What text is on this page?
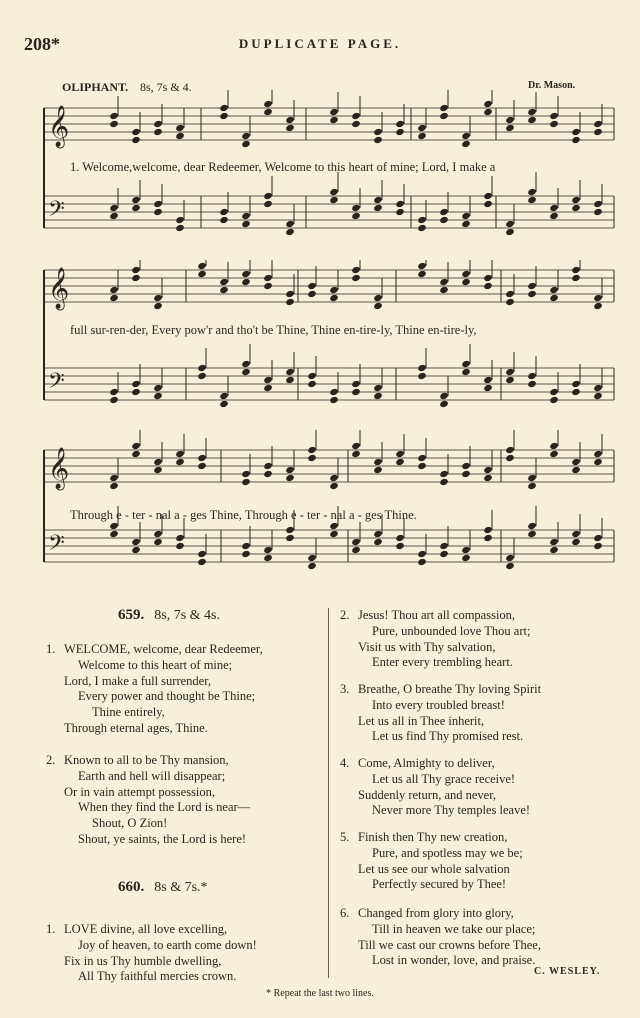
208*	DUPLICATE PAGE.
OLIPHANT. 8s, 7s & 4.	Dr. Mason.
𝄞
𝄢
1. Welcome,welcome, dear Redeemer, Welcome to this heart of mine; Lord, I make a
𝄞
𝄢
full sur-ren-der, Every pow'r and tho't be Thine, Thine en-tire-ly, Thine en-tire-ly,
𝄞
𝄢
Through e - ter - nal a - ges Thine, Through e - ter - nal a - ges Thine.
659. 8s, 7s & 4s.
1. WELCOME, welcome, dear Redeemer,
Welcome to this heart of mine;
Lord, I make a full surrender,
Every power and thought be Thine;
Thine entirely,
Through eternal ages, Thine.
2. Known to all to be Thy mansion,
Earth and hell will disappear;
Or in vain attempt possession,
When they find the Lord is near—
Shout, O Zion!
Shout, ye saints, the Lord is here!
660. 8s & 7s.*
1. LOVE divine, all love excelling,
Joy of heaven, to earth come down!
Fix in us Thy humble dwelling,
All Thy faithful mercies crown.
2. Jesus! Thou art all compassion,
Pure, unbounded love Thou art;
Visit us with Thy salvation,
Enter every trembling heart.
3. Breathe, O breathe Thy loving Spirit
Into every troubled breast!
Let us all in Thee inherit,
Let us find Thy promised rest.
4. Come, Almighty to deliver,
Let us all Thy grace receive!
Suddenly return, and never,
Never more Thy temples leave!
5. Finish then Thy new creation,
Pure, and spotless may we be;
Let us see our whole salvation
Perfectly secured by Thee!
6. Changed from glory into glory,
Till in heaven we take our place;
Till we cast our crowns before Thee,
Lost in wonder, love, and praise.
C. WESLEY.
* Repeat the last two lines.
